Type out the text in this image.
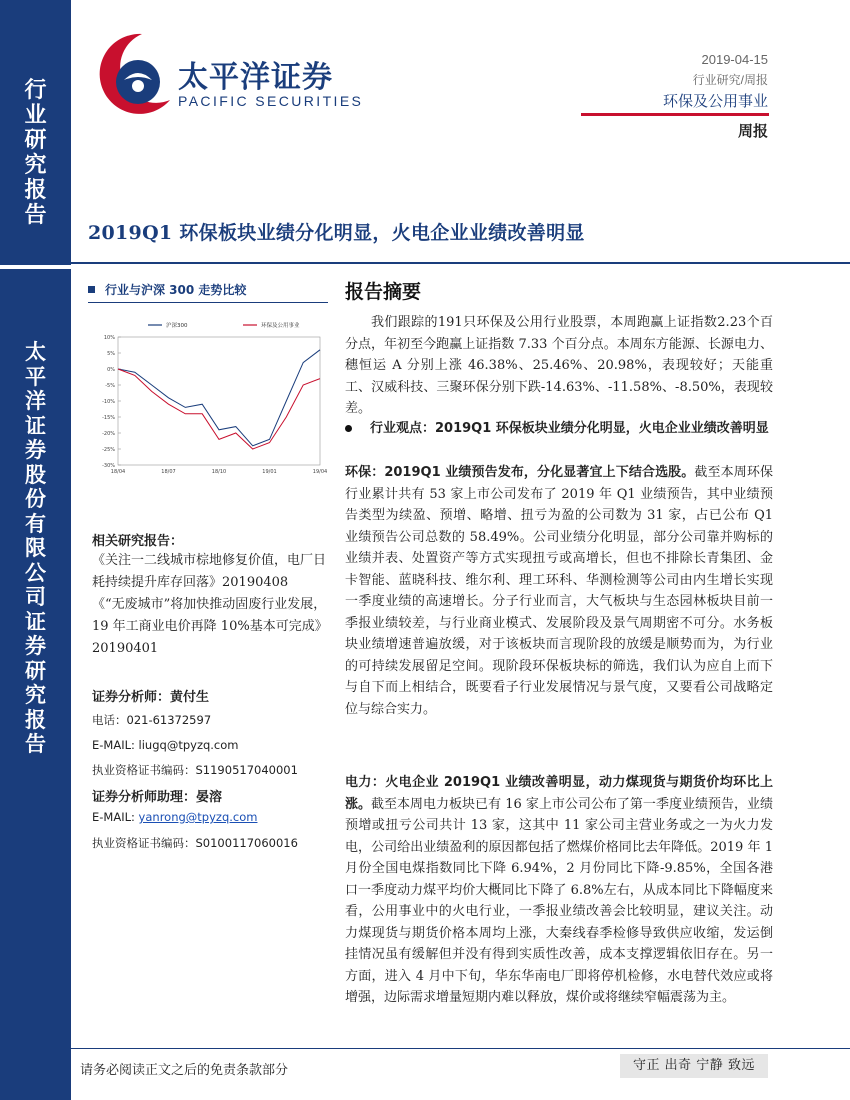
行
业
研
究
报
告
太
平
洋
证
券
股
份
有
限
公
司
证
券
研
究
报
告
太平洋证券
PACIFIC SECURITIES
2019-04-15
行业研究/周报
环保及公用事业
周报
2019Q1 环保板块业绩分化明显，火电企业业绩改善明显
行业与沪深 300 走势比较
10%
5%
0%
-5%
-10%
-15%
-20%
-25%
-30%
18/04	18/07	18/10	19/01	19/04
沪深300	环保及公用事业
相关研究报告：
《关注一二线城市棕地修复价值，电厂日耗持续提升库存回落》20190408
《“无废城市”将加快推动固废行业发展，19 年工商业电价再降 10%基本可完成》20190401
证券分析师：黄付生
电话：021-61372597
E-MAIL: liugq@tpyzq.com
执业资格证书编码：S1190517040001
证券分析师助理：晏溶
E-MAIL: yanrong@tpyzq.com
执业资格证书编码：S0100117060016
报告摘要
我们跟踪的191只环保及公用行业股票，本周跑赢上证指数2.23个百分点，年初至今跑赢上证指数 7.33 个百分点。本周东方能源、长源电力、穗恒运 A 分别上涨 46.38%、25.46%、20.98%，表现较好；天能重工、汉威科技、三聚环保分别下跌-14.63%、-11.58%、-8.50%，表现较差。
行业观点：2019Q1 环保板块业绩分化明显，火电企业业绩改善明显
环保：2019Q1 业绩预告发布，分化显著宜上下结合选股。截至本周环保行业累计共有 53 家上市公司发布了 2019 年 Q1 业绩预告，其中业绩预告类型为续盈、预增、略增、扭亏为盈的公司数为 31 家，占已公布 Q1 业绩预告公司总数的 58.49%。公司业绩分化明显，部分公司靠并购标的业绩并表、处置资产等方式实现扭亏或高增长，但也不排除长青集团、金卡智能、蓝晓科技、维尔利、理工环科、华测检测等公司由内生增长实现一季度业绩的高速增长。分子行业而言，大气板块与生态园林板块目前一季报业绩较差，与行业商业模式、发展阶段及景气周期密不可分。水务板块业绩增速普遍放缓，对于该板块而言现阶段的放缓是顺势而为，为行业的可持续发展留足空间。现阶段环保板块标的筛选，我们认为应自上而下与自下而上相结合，既要看子行业发展情况与景气度，又要看公司战略定位与综合实力。
电力：火电企业 2019Q1 业绩改善明显，动力煤现货与期货价均环比上涨。截至本周电力板块已有 16 家上市公司公布了第一季度业绩预告，业绩预增或扭亏公司共计 13 家，这其中 11 家公司主营业务或之一为火力发电，公司给出业绩盈利的原因都包括了燃煤价格同比去年降低。2019 年 1 月份全国电煤指数同比下降 6.94%，2 月份同比下降-9.85%，全国各港口一季度动力煤平均价大概同比下降了 6.8%左右，从成本同比下降幅度来看，公用事业中的火电行业，一季报业绩改善会比较明显，建议关注。动力煤现货与期货价格本周均上涨，大秦线春季检修导致供应收缩，发运倒挂情况虽有缓解但并没有得到实质性改善，成本支撑逻辑依旧存在。另一方面，进入 4 月中下旬，华东华南电厂即将停机检修，水电替代效应或将增强，边际需求增量短期内难以释放，煤价或将继续窄幅震荡为主。
请务必阅读正文之后的免责条款部分	守正 出奇 宁静 致远
